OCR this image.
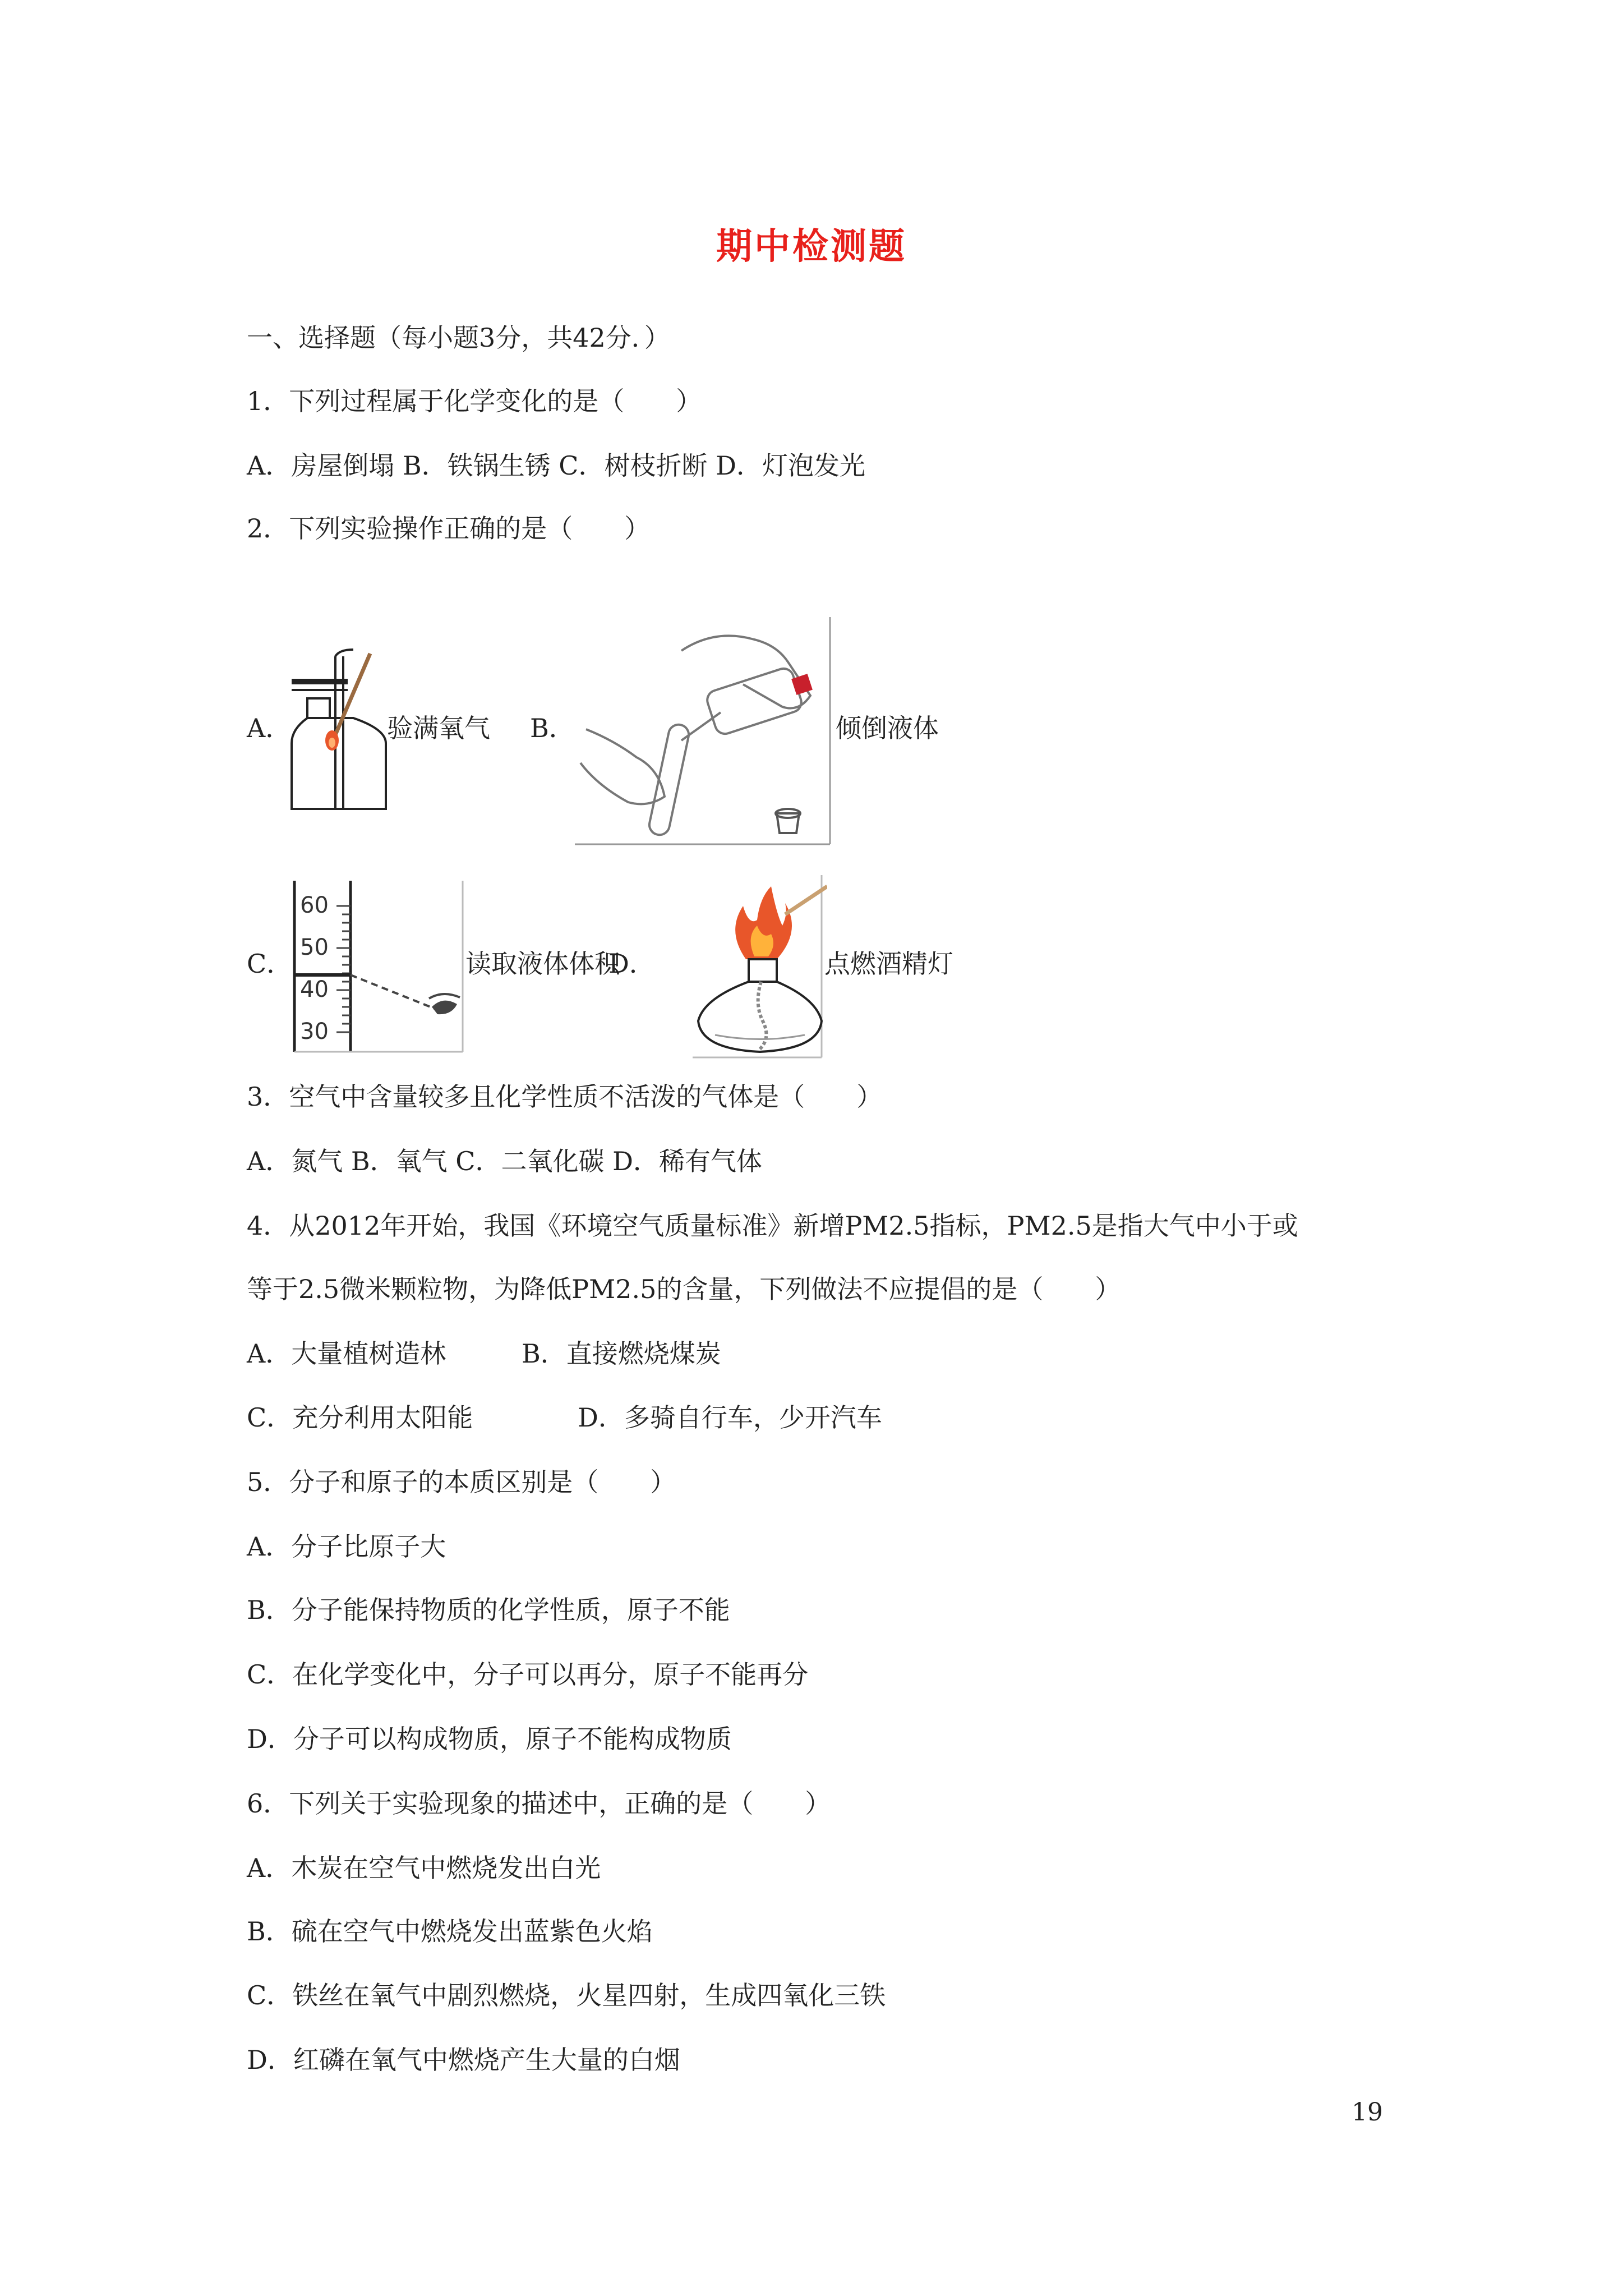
期中检测题
一、选择题（每小题3分，共42分．）
1．下列过程属于化学变化的是（　　）
A．房屋倒塌 B．铁锅生锈 C．树枝折断 D．灯泡发光
2．下列实验操作正确的是（　　）
A．	验满氧气 B．	倾倒液体
C．
60
50
40
30
读取液体体积
D．	点燃酒精灯
3．空气中含量较多且化学性质不活泼的气体是（　　）
A．氮气 B．氧气 C．二氧化碳 D．稀有气体
4．从2012年开始，我国《环境空气质量标准》新增PM2.5指标，PM2.5是指大气中小于或
等于2.5微米颗粒物，为降低PM2.5的含量，下列做法不应提倡的是（　　）
A．大量植树造林	B．直接燃烧煤炭
C．充分利用太阳能	D．多骑自行车，少开汽车
5．分子和原子的本质区别是（　　）
A．分子比原子大
B．分子能保持物质的化学性质，原子不能
C．在化学变化中，分子可以再分，原子不能再分
D．分子可以构成物质，原子不能构成物质
6．下列关于实验现象的描述中，正确的是（　　）
A．木炭在空气中燃烧发出白光
B．硫在空气中燃烧发出蓝紫色火焰
C．铁丝在氧气中剧烈燃烧，火星四射，生成四氧化三铁
D．红磷在氧气中燃烧产生大量的白烟
19
